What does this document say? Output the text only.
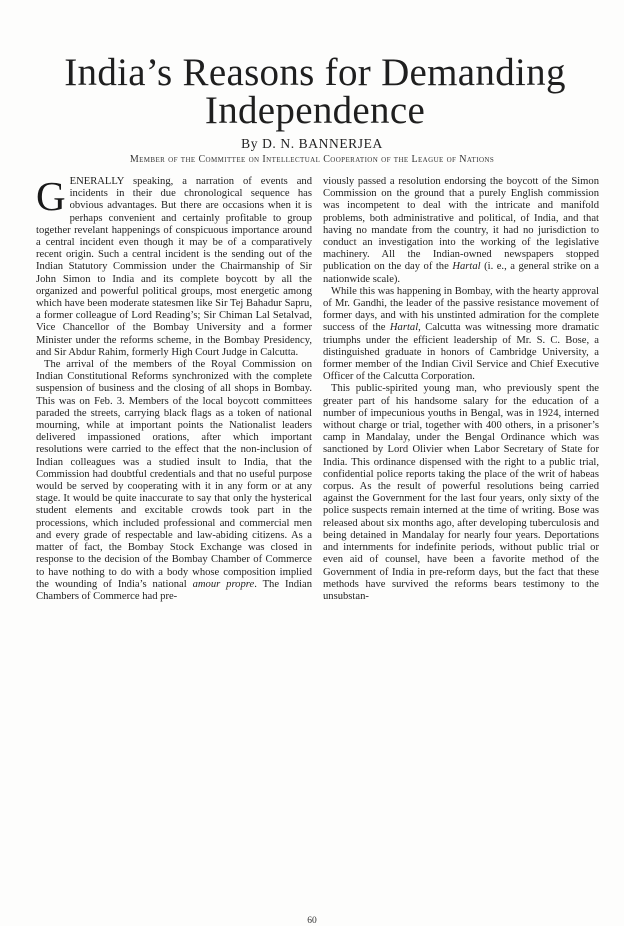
India’s Reasons for Demanding
Independence
By D. N. BANNERJEA
Member of the Committee on Intellectual Cooperation of the League of Nations

GENERALLY speaking, a narration of events and incidents in their due chronological sequence has obvious advantages. But there are occasions when it is perhaps convenient and certainly profitable to group together revelant happenings of conspicuous importance around a central incident even though it may be of a comparatively recent origin. Such a central incident is the sending out of the Indian Statutory Commission under the Chairmanship of Sir John Simon to India and its complete boycott by all the organized and powerful political groups, most energetic among which have been moderate statesmen like Sir Tej Bahadur Sapru, a former colleague of Lord Reading’s; Sir Chiman Lal Setalvad, Vice Chancellor of the Bombay University and a former Minister under the reforms scheme, in the Bombay Presidency, and Sir Abdur Rahim, formerly High Court Judge in Calcutta.

The arrival of the members of the Royal Commission on Indian Constitutional Reforms synchronized with the complete suspension of business and the closing of all shops in Bombay. This was on Feb. 3. Members of the local boycott committees paraded the streets, carrying black flags as a token of national mourning, while at important points the Nationalist leaders delivered impassioned orations, after which important resolutions were carried to the effect that the non-inclusion of Indian colleagues was a studied insult to India, that the Commission had doubtful credentials and that no useful purpose would be served by cooperating with it in any form or at any stage. It would be quite inaccurate to say that only the hysterical student elements and excitable crowds took part in the processions, which included professional and commercial men and every grade of respectable and law-abiding citizens. As a matter of fact, the Bombay Stock Exchange was closed in response to the decision of the Bombay Chamber of Commerce to have nothing to do with a body whose composition implied the wounding of India’s national amour propre. The Indian Chambers of Commerce had pre-

viously passed a resolution endorsing the boycott of the Simon Commission on the ground that a purely English commission was incompetent to deal with the intricate and manifold problems, both administrative and political, of India, and that having no mandate from the country, it had no jurisdiction to conduct an investigation into the working of the legislative machinery. All the Indian-owned newspapers stopped publication on the day of the Hartal (i. e., a general strike on a nationwide scale).

While this was happening in Bombay, with the hearty approval of Mr. Gandhi, the leader of the passive resistance movement of former days, and with his unstinted admiration for the complete success of the Hartal, Calcutta was witnessing more dramatic triumphs under the efficient leadership of Mr. S. C. Bose, a distinguished graduate in honors of Cambridge University, a former member of the Indian Civil Service and Chief Executive Officer of the Calcutta Corporation.

This public-spirited young man, who previously spent the greater part of his handsome salary for the education of a number of impecunious youths in Bengal, was in 1924, interned without charge or trial, together with 400 others, in a prisoner’s camp in Mandalay, under the Bengal Ordinance which was sanctioned by Lord Olivier when Labor Secretary of State for India. This ordinance dispensed with the right to a public trial, confidential police reports taking the place of the writ of habeas corpus. As the result of powerful resolutions being carried against the Government for the last four years, only sixty of the police suspects remain interned at the time of writing. Bose was released about six months ago, after developing tuberculosis and being detained in Mandalay for nearly four years. Deportations and internments for indefinite periods, without public trial or even aid of counsel, have been a favorite method of the Government of India in pre-reform days, but the fact that these methods have survived the reforms bears testimony to the unsubstan-

60
